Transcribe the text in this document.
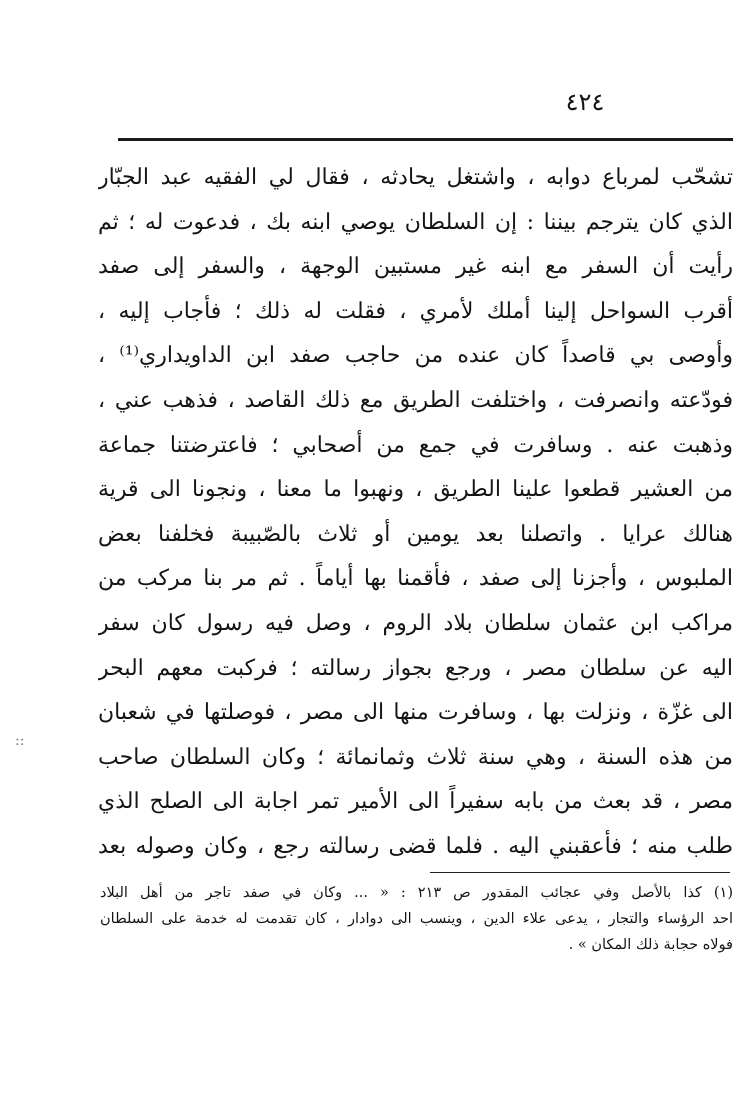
٤٢٤
تشحّب لمرباع دوابه ، واشتغل يحادثه ، فقال لي الفقيه عبد الجبّار
الذي كان يترجم بيننا : إن السلطان يوصي ابنه بك ، فدعوت له ؛ ثم
رأيت أن السفر مع ابنه غير مستبين الوجهة ، والسفر إلى صفد
أقرب السواحل إلينا أملك لأمري ، فقلت له ذلك ؛ فأجاب إليه ،
وأوصى بي قاصداً كان عنده من حاجب صفد ابن الداويداري⁽¹⁾ ،
فودّعته وانصرفت ، واختلفت الطريق مع ذلك القاصد ، فذهب عني ،
وذهبت عنه . وسافرت في جمع من أصحابي ؛ فاعترضتنا جماعة
من العشير قطعوا علينا الطريق ، ونهبوا ما معنا ، ونجونا الى قرية
هنالك عرايا . واتصلنا بعد يومين أو ثلاث بالصّبيبة فخلفنا بعض
الملبوس ، وأجزنا إلى صفد ، فأقمنا بها أياماً . ثم مر بنا مركب من
مراكب ابن عثمان سلطان بلاد الروم ، وصل فيه رسول كان سفر
اليه عن سلطان مصر ، ورجع بجواز رسالته ؛ فركبت معهم البحر
الى غزّة ، ونزلت بها ، وسافرت منها الى مصر ، فوصلتها في شعبان
من هذه السنة ، وهي سنة ثلاث وثمانمائة ؛ وكان السلطان صاحب
مصر ، قد بعث من بابه سفيراً الى الأمير تمر اجابة الى الصلح الذي
طلب منه ؛ فأعقبني اليه . فلما قضى رسالته رجع ، وكان وصوله بعد
(١) كذا بالأصل وفي عجائب المقدور ص ٢١٣ : « ... وكان في صفد تاجر من أهل البلاد
احد الرؤساء والتجار ، يدعى علاء الدين ، وينسب الى دوادار ، كان تقدمت له خدمة على السلطان
فولاه حجابة ذلك المكان » .
::
